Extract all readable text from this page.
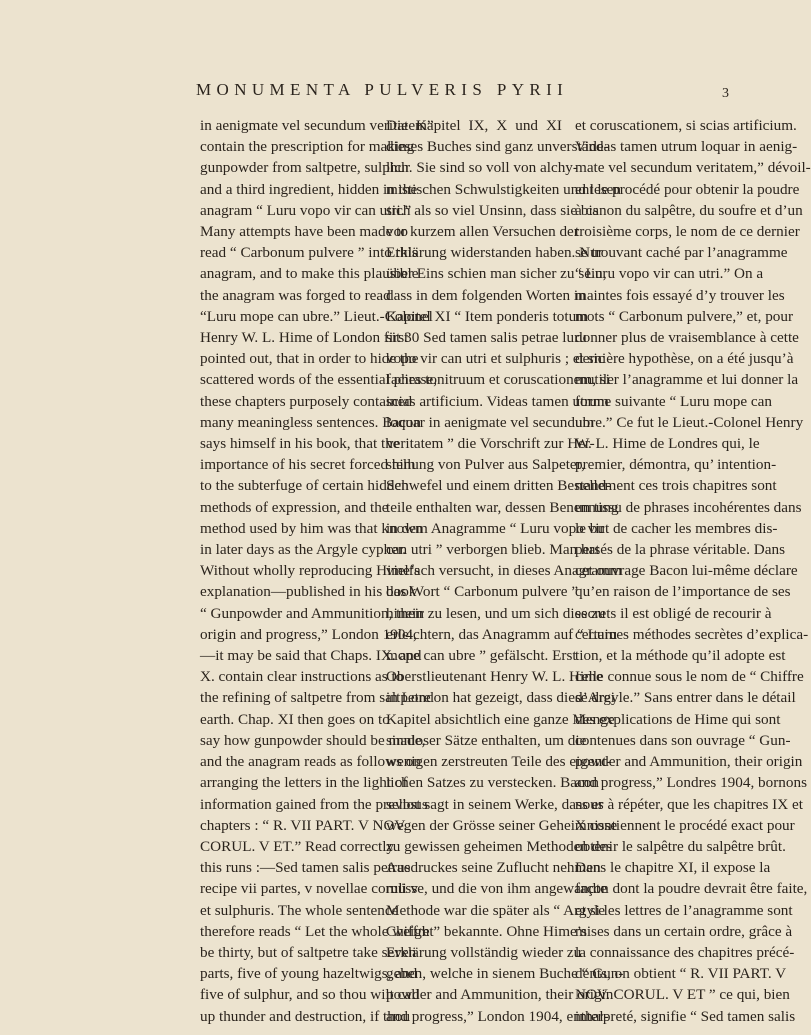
MONUMENTA PULVERIS PYRII	3
in aenigmate vel secundum veritatem”
contain the prescription for making
gunpowder from saltpetre, sulphur
and a third ingredient, hidden in the
anagram “ Luru vopo vir can utri.”
Many attempts have been made to
read “ Carbonum pulvere ” into this
anagram, and to make this plausible
the anagram was forged to read
“Luru mope can ubre.” Lieut.-Colonel
Henry W. L. Hime of London first
pointed out, that in order to hide the
scattered words of the essential phrase,
these chapters purposely contained
many meaningless sentences. Bacon
says himself in his book, that the
importance of his secret forced him
to the subterfuge of certain hidden
methods of expression, and the
method used by him was that known
in later days as the Argyle cypher.
Without wholly reproducing Hime’s
explanation—published in his book
“ Gunpowder and Ammunition, their
origin and progress,” London 1904,
—it may be said that Chaps. IX. and
X. contain clear instructions as to
the refining of saltpetre from saltpetre
earth. Chap. XI then goes on to
say how gunpowder should be made,
and the anagram reads as follows on
arranging the letters in the light of
information gained from the previous
chapters : “ R. VII PART. V NOV.
CORUL. V ET.” Read correctly
this runs :—Sed tamen salis petrae
recipe vii partes, v novellae coruli v
et sulphuris. The whole sentence
therefore reads “ Let the whole weight
be thirty, but of saltpetre take seven
parts, five of young hazeltwigs, and
five of sulphur, and so thou wilt call
up thunder and destruction, if thou
Die Kapitel IX, X und XI
dieses Buches sind ganz unverständ-
lich. Sie sind so voll von alchy-
mistischen Schwulstigkeiten und lesen
sich als so viel Unsinn, dass sie bis
vor kurzem allen Versuchen der
Erklärung widerstanden haben. Nur
über Eins schien man sicher zu sein,
dass in dem folgenden Worten in
Kapitel XI “ Item ponderis totum
sit 30 Sed tamen salis petrae luru
vopo vir can utri et sulphuris ; et sic
facies tonitruum et coruscationem, si
scias artificium. Videas tamen utrum
loquar in aenigmate vel secundum
veritatem ” die Vorschrift zur Her-
stellung von Pulver aus Salpeter,
Schwefel und einem dritten Bestand-
teile enthalten war, dessen Benennung
in dem Anagramme “ Luru vopo vir
can utri ” verborgen blieb. Man hat
vielfach versucht, in dieses Anagramm
das Wort “ Carbonum pulvere ”
hinein zu lesen, und um sich dies zu
erleichtern, das Anagramm auf “ Luru
mope can ubre ” gefälscht. Erst
Oberstlieutenant Henry W. L. Hime
in London hat gezeigt, dass diese drei
Kapitel absichtlich eine ganze Menge
sinnloser Sätze enthalten, um die
wenigen zerstreuten Teile des eigent-
lichen Satzes zu verstecken. Bacon
selbst sagt in seinem Werke, dass er
wegen der Grösse seiner Geheimnisse
zu gewissen geheimen Methoden des
Ausdruckes seine Zuflucht nehmen
müsse, und die von ihm angewandte
Methode war die später als “ Argyle
Chiffre ” bekannte. Ohne Hime’s
Erklärung vollständig wieder zu
geben, welche in sienem Buche “ Gun-
powder and Ammunition, their origin
and progress,” London 1904, enthal-
et coruscationem, si scias artificium.
Videas tamen utrum loquar in aenig-
mate vel secundum veritatem,” dévoil-
ent le procédé pour obtenir la poudre
à canon du salpêtre, du soufre et d’un
troisième corps, le nom de ce dernier
se trouvant caché par l’anagramme
“ Luru vopo vir can utri.” On a
maintes fois essayé d’y trouver les
mots “ Carbonum pulvere,” et, pour
donner plus de vraisemblance à cette
dernière hypothèse, on a été jusqu’à
mutiler l’anagramme et lui donner la
forme suivante “ Luru mope can
ubre.” Ce fut le Lieut.-Colonel Henry
W. L. Hime de Londres qui, le
premier, démontra, qu’ intention-
nellement ces trois chapitres sont
un tissu de phrases incohérentes dans
le but de cacher les membres dis-
persés de la phrase véritable. Dans
cet ouvrage Bacon lui-même déclare
qu’en raison de l’importance de ses
secrets il est obligé de recourir à
certaines méthodes secrètes d’explica-
tion, et la méthode qu’il adopte est
celle connue sous le nom de “ Chiffre
d’Argyle.” Sans entrer dans le détail
des explications de Hime qui sont
contenues dans son ouvrage “ Gun-
powder and Ammunition, their origin
and progress,” Londres 1904, bornons
nous à répéter, que les chapitres IX et
X contiennent le procédé exact pour
obtenir le salpêtre du salpêtre brût.
Dans le chapitre XI, il expose la
façon dont la poudre devrait être faite,
et si les lettres de l’anagramme sont
mises dans un certain ordre, grâce à
la connaissance des chapitres précé-
dents, on obtient “ R. VII PART. V
NOV. CORUL. V ET ” ce qui, bien
interpreté, signifie “ Sed tamen salis
